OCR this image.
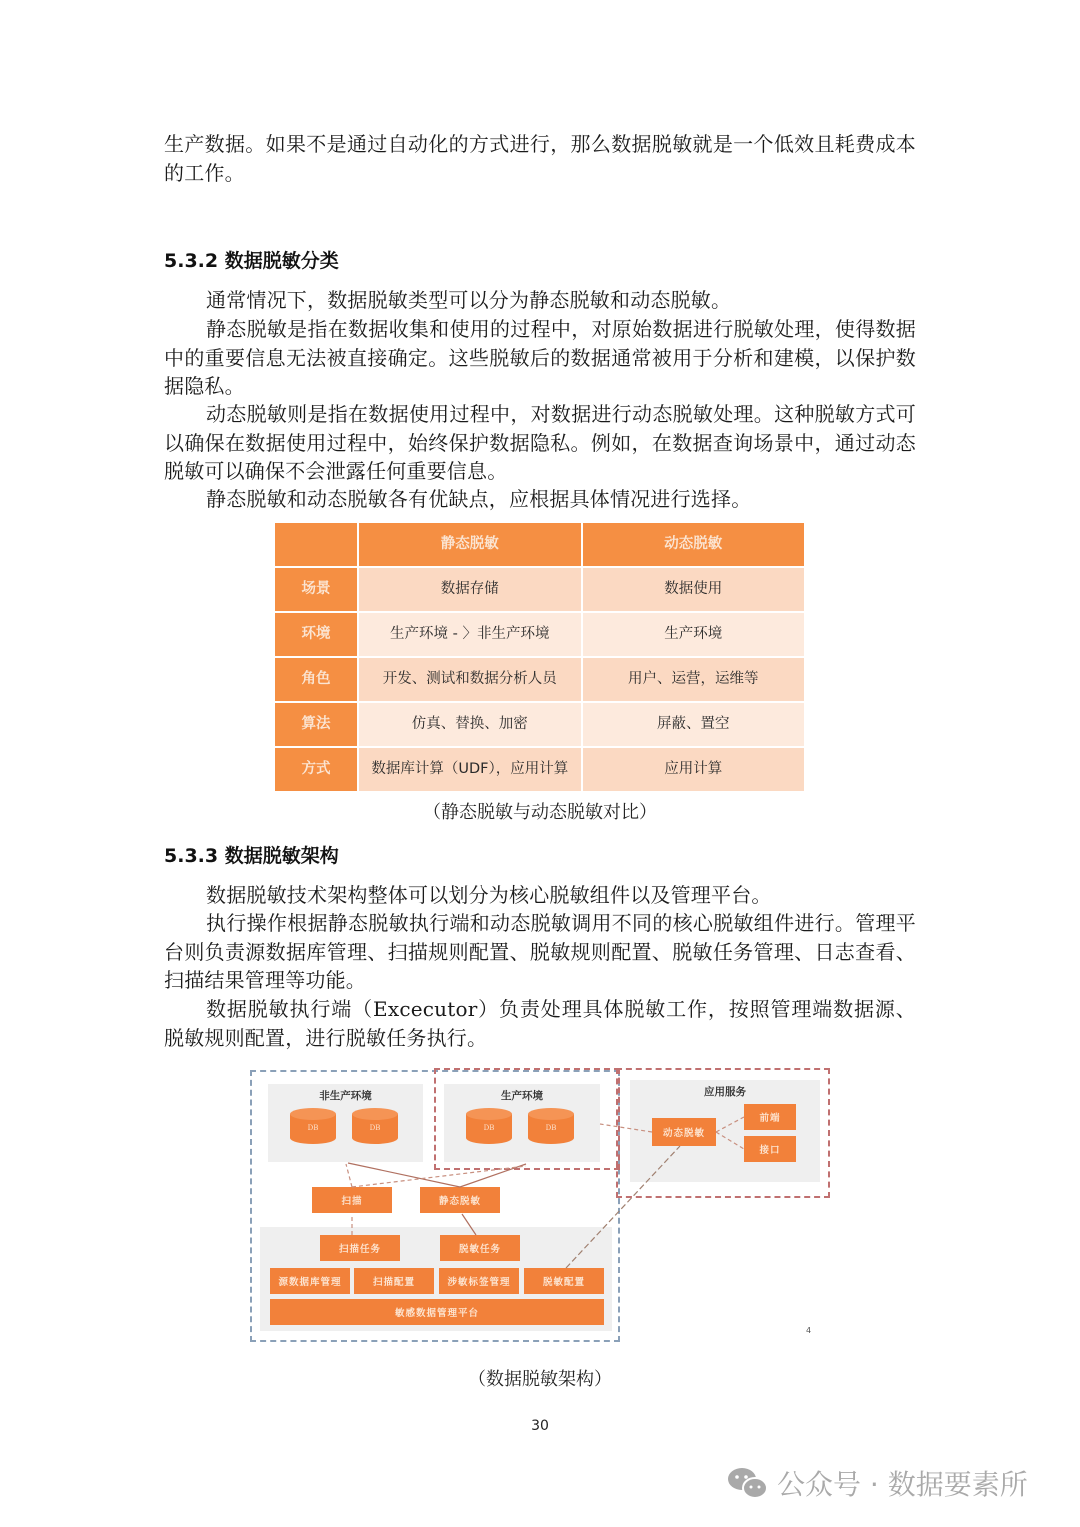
生产数据。如果不是通过自动化的方式进行，那么数据脱敏就是一个低效且耗费成本的工作。

5.3.2 数据脱敏分类

通常情况下，数据脱敏类型可以分为静态脱敏和动态脱敏。

静态脱敏是指在数据收集和使用的过程中，对原始数据进行脱敏处理，使得数据中的重要信息无法被直接确定。这些脱敏后的数据通常被用于分析和建模，以保护数据隐私。

动态脱敏则是指在数据使用过程中，对数据进行动态脱敏处理。这种脱敏方式可以确保在数据使用过程中，始终保护数据隐私。例如，在数据查询场景中，通过动态脱敏可以确保不会泄露任何重要信息。

静态脱敏和动态脱敏各有优缺点，应根据具体情况进行选择。

	静态脱敏	动态脱敏
场景	数据存储	数据使用
环境	生产环境 - 〉非生产环境	生产环境
角色	开发、测试和数据分析人员	用户、运营，运维等
算法	仿真、替换、加密	屏蔽、置空
方式	数据库计算（UDF），应用计算	应用计算

（静态脱敏与动态脱敏对比）

5.3.3 数据脱敏架构

数据脱敏技术架构整体可以划分为核心脱敏组件以及管理平台。

执行操作根据静态脱敏执行端和动态脱敏调用不同的核心脱敏组件进行。管理平台则负责源数据库管理、扫描规则配置、脱敏规则配置、脱敏任务管理、日志查看、扫描结果管理等功能。

数据脱敏执行端（Excecutor）负责处理具体脱敏工作，按照管理端数据源、脱敏规则配置，进行脱敏任务执行。

非生产环境
DB	DB
生产环境
DB	DB
应用服务
动态脱敏
前端
接口
扫描	静态脱敏
扫描任务	脱敏任务
源数据库管理	扫描配置	涉敏标签管理	脱敏配置
敏感数据管理平台
4

（数据脱敏架构）

30
公众号 · 数据要素所
